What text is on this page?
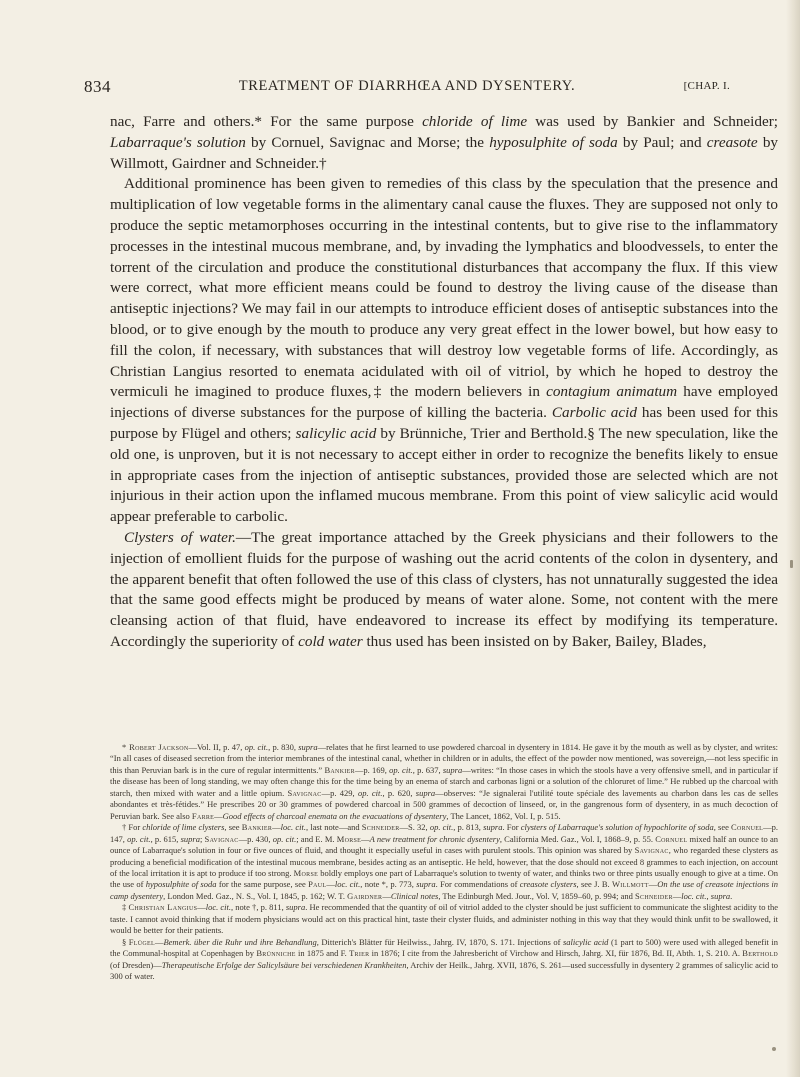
834	TREATMENT OF DIARRHŒA AND DYSENTERY.	[CHAP. I.

nac, Farre and others.* For the same purpose chloride of lime was used by Bankier and Schneider; Labarraque's solution by Cornuel, Savignac and Morse; the hyposulphite of soda by Paul; and creasote by Willmott, Gairdner and Schneider.†

Additional prominence has been given to remedies of this class by the speculation that the presence and multiplication of low vegetable forms in the alimentary canal cause the fluxes. They are supposed not only to produce the septic metamorphoses occurring in the intestinal contents, but to give rise to the inflammatory processes in the intestinal mucous membrane, and, by invading the lymphatics and bloodvessels, to enter the torrent of the circulation and produce the constitutional disturbances that accompany the flux. If this view were correct, what more efficient means could be found to destroy the living cause of the disease than antiseptic injections? We may fail in our attempts to introduce efficient doses of antiseptic substances into the blood, or to give enough by the mouth to produce any very great effect in the lower bowel, but how easy to fill the colon, if necessary, with substances that will destroy low vegetable forms of life. Accordingly, as Christian Langius resorted to enemata acidulated with oil of vitriol, by which he hoped to destroy the vermiculi he imagined to produce fluxes,‡ the modern believers in contagium animatum have employed injections of diverse substances for the purpose of killing the bacteria. Carbolic acid has been used for this purpose by Flügel and others; salicylic acid by Brünniche, Trier and Berthold.§ The new speculation, like the old one, is unproven, but it is not necessary to accept either in order to recognize the benefits likely to ensue in appropriate cases from the injection of antiseptic substances, provided those are selected which are not injurious in their action upon the inflamed mucous membrane. From this point of view salicylic acid would appear preferable to carbolic.

Clysters of water.—The great importance attached by the Greek physicians and their followers to the injection of emollient fluids for the purpose of washing out the acrid contents of the colon in dysentery, and the apparent benefit that often followed the use of this class of clysters, has not unnaturally suggested the idea that the same good effects might be produced by means of water alone. Some, not content with the mere cleansing action of that fluid, have endeavored to increase its effect by modifying its temperature. Accordingly the superiority of cold water thus used has been insisted on by Baker, Bailey, Blades,

* Robert Jackson—Vol. II, p. 47, op. cit., p. 830, supra—relates that he first learned to use powdered charcoal in dysentery in 1814. He gave it by the mouth as well as by clyster, and writes: “In all cases of diseased secretion from the interior membranes of the intestinal canal, whether in children or in adults, the effect of the powder now mentioned, was sovereign,—not less specific in this than Peruvian bark is in the cure of regular intermittents.” Bankier—p. 169, op. cit., p. 637, supra—writes: “In those cases in which the stools have a very offensive smell, and in particular if the disease has been of long standing, we may often change this for the time being by an enema of starch and carbonas ligni or a solution of the chloruret of lime.” He rubbed up the charcoal with starch, then mixed with water and a little opium. Savignac—p. 429, op. cit., p. 620, supra—observes: “Je signalerai l'utilité toute spéciale des lavements au charbon dans les cas de selles abondantes et très-fétides.” He prescribes 20 or 30 grammes of powdered charcoal in 500 grammes of decoction of linseed, or, in the gangrenous form of dysentery, in as much decoction of Peruvian bark. See also Farre—Good effects of charcoal enemata on the evacuations of dysentery, The Lancet, 1862, Vol. I, p. 515.

† For chloride of lime clysters, see Bankier—loc. cit., last note—and Schneider—S. 32, op. cit., p. 813, supra. For clysters of Labarraque's solution of hypochlorite of soda, see Cornuel—p. 147, op. cit., p. 615, supra; Savignac—p. 430, op. cit.; and E. M. Morse—A new treatment for chronic dysentery, California Med. Gaz., Vol. I, 1868–9, p. 55. Cornuel mixed half an ounce to an ounce of Labarraque's solution in four or five ounces of fluid, and thought it especially useful in cases with purulent stools. This opinion was shared by Savignac, who regarded these clysters as producing a beneficial modification of the intestinal mucous membrane, besides acting as an antiseptic. He held, however, that the dose should not exceed 8 grammes to each injection, on account of the local irritation it is apt to produce if too strong. Morse boldly employs one part of Labarraque's solution to twenty of water, and thinks two or three pints usually enough to give at a time. On the use of hyposulphite of soda for the same purpose, see Paul—loc. cit., note *, p. 773, supra. For commendations of creasote clysters, see J. B. Willmott—On the use of creasote injections in camp dysentery, London Med. Gaz., N. S., Vol. I, 1845, p. 162; W. T. Gairdner—Clinical notes, The Edinburgh Med. Jour., Vol. V, 1859–60, p. 994; and Schneider—loc. cit., supra.

‡ Christian Langius—loc. cit., note †, p. 811, supra. He recommended that the quantity of oil of vitriol added to the clyster should be just sufficient to communicate the slightest acidity to the taste. I cannot avoid thinking that if modern physicians would act on this practical hint, taste their clyster fluids, and administer nothing in this way that they would think unfit to be swallowed, it would be better for their patients.

§ Flügel—Bemerk. über die Ruhr und ihre Behandlung, Ditterich's Blätter für Heilwiss., Jahrg. IV, 1870, S. 171. Injections of salicylic acid (1 part to 500) were used with alleged benefit in the Communal-hospital at Copenhagen by Brünniche in 1875 and F. Trier in 1876; I cite from the Jahresbericht of Virchow and Hirsch, Jahrg. XI, für 1876, Bd. II, Abth. 1, S. 210. A. Berthold (of Dresden)—Therapeutische Erfolge der Salicylsäure bei verschiedenen Krankheiten, Archiv der Heilk., Jahrg. XVII, 1876, S. 261—used successfully in dysentery 2 grammes of salicylic acid to 300 of water.
